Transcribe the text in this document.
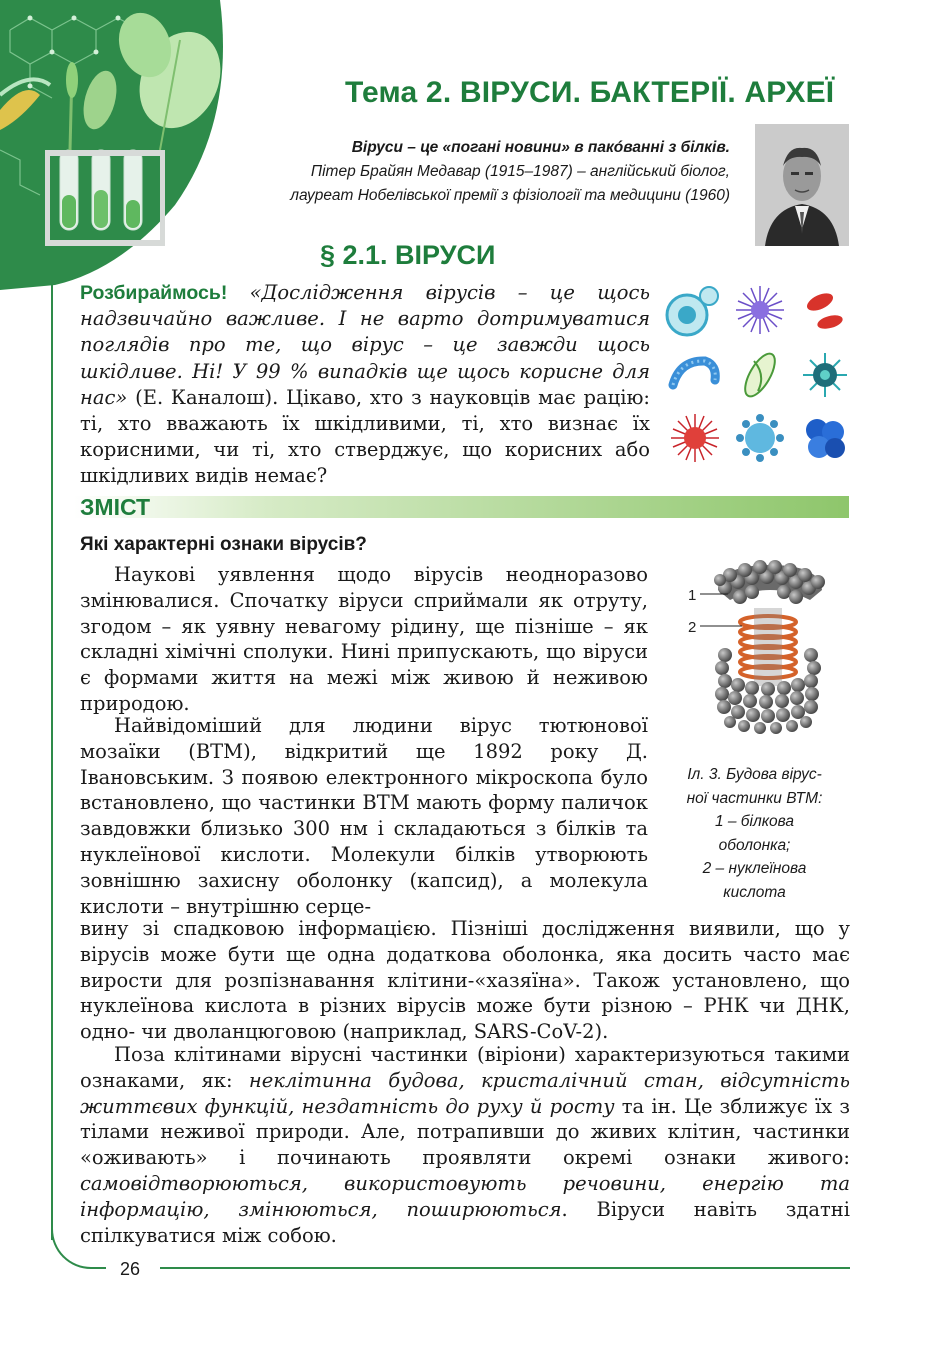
Тема 2. ВІРУСИ. БАКТЕРІЇ. АРХЕЇ
Віруси – це «погані новини» в пакóванні з білків.
Пітер Брайян Медавар (1915–1987) – англійський біолог,
лауреат Нобелівської премії з фізіології та медицини (1960)
§ 2.1. ВІРУСИ
Розбираймось! «Дослідження вірусів – це щось надзвичайно важливе. І не варто дотримуватися поглядів про те, що вірус – це завжди щось шкідливе. Ні! У 99 % випадків ще щось корисне для нас» (Е. Каналош). Цікаво, хто з науковців має рацію: ті, хто вважають їх шкідливими, ті, хто визнає їх корисними, чи ті, хто стверджує, що корисних або шкідливих видів немає?
ЗМІСТ
Які характерні ознаки вірусів?
Наукові уявлення щодо вірусів неодноразово змінювалися. Спочатку віруси сприймали як отруту, згодом – як уявну невагому рідину, ще пізніше – як складні хімічні сполуки. Нині припускають, що віруси є формами життя на межі між живою й неживою природою.
Найвідоміший для людини вірус тютюнової мозаїки (ВТМ), відкритий ще 1892 року Д. Івановським. З появою електронного мікроскопа було встановлено, що частинки ВТМ мають форму паличок завдовжки близько 300 нм і складаються з білків та нуклеїнової кислоти. Молекули білків утворюють зовнішню захисну оболонку (капсид), а молекула кислоти – внутрішню серце-
вину зі спадковою інформацією. Пізніші дослідження виявили, що у вірусів може бути ще одна додаткова оболонка, яка досить часто має вирости для розпізнавання клітини-«хазяїна». Також установлено, що нуклеїнова кислота в різних вірусів може бути різною – РНК чи ДНК, одно- чи дволанцюговою (наприклад, SARS-CoV-2).
Поза клітинами вірусні частинки (віріони) характеризуються такими ознаками, як: неклітинна будова, кристалічний стан, відсутність життєвих функцій, нездатність до руху й росту та ін. Це зближує їх з тілами неживої природи. Але, потрапивши до живих клітин, частинки «оживають» і починають проявляти окремі ознаки живого: самовідтворюються, використовують речовини, енергію та інформацію, змінюються, поширюються. Віруси навіть здатні спілкуватися між собою.
1
2
Іл. 3. Будова вірус-
ної частинки ВТМ:
1 – білкова
оболонка;
2 – нуклеїнова
кислота
26
